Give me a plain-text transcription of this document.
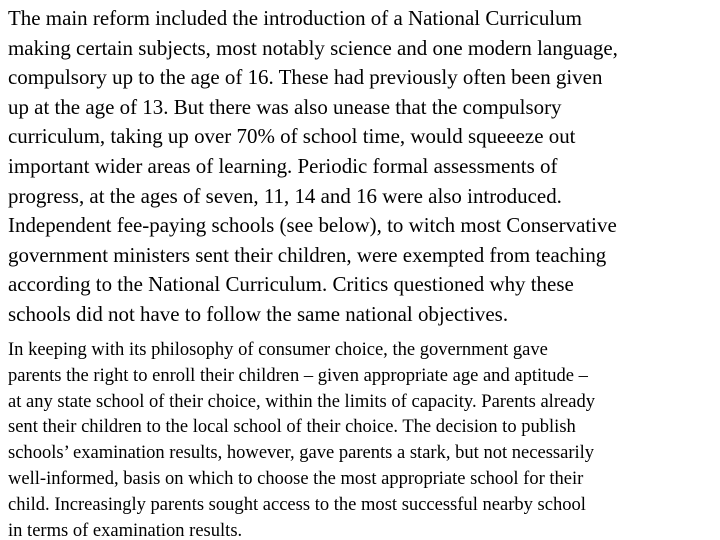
The main reform included the introduction of a National Curriculum
making certain subjects, most notably science and one modern language,
compulsory up to the age of 16. These had previously often been given
up at the age of 13. But there was also unease that the compulsory
curriculum, taking up over 70% of school time, would squeeeze out
important wider areas of learning. Periodic formal assessments of
progress, at the ages of seven, 11, 14 and 16 were also introduced.
Independent fee-paying schools (see below), to witch most Conservative
government ministers sent their children, were exempted from teaching
according to the National Curriculum. Critics questioned why these
schools did not have to follow the same national objectives.

In keeping with its philosophy of consumer choice, the government gave
parents the right to enroll their children – given appropriate age and aptitude –
at any state school of their choice, within the limits of capacity. Parents already
sent their children to the local school of their choice. The decision to publish
schools’ examination results, however, gave parents a stark, but not necessarily
well-informed, basis on which to choose the most appropriate school for their
child. Increasingly parents sought access to the most successful nearby school
in terms of examination results.
